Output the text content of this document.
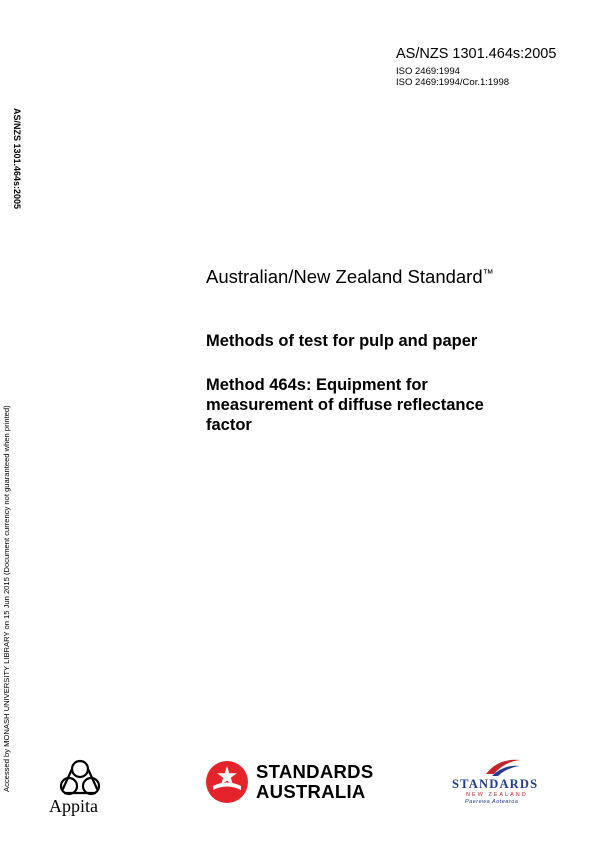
AS/NZS 1301.464s:2005
ISO 2469:1994
ISO 2469:1994/Cor.1:1998
AS/NZS 1301.464s:2005
Accessed by MONASH UNIVERSITY LIBRARY on 15 Jun 2015 (Document currency not guaranteed when printed)
Australian/New Zealand Standard™
Methods of test for pulp and paper
Method 464s: Equipment for
measurement of diffuse reflectance
factor
Appita
STANDARDS
AUSTRALIA	STANDARDS
NEW ZEALAND
Paerewa Aotearoa
